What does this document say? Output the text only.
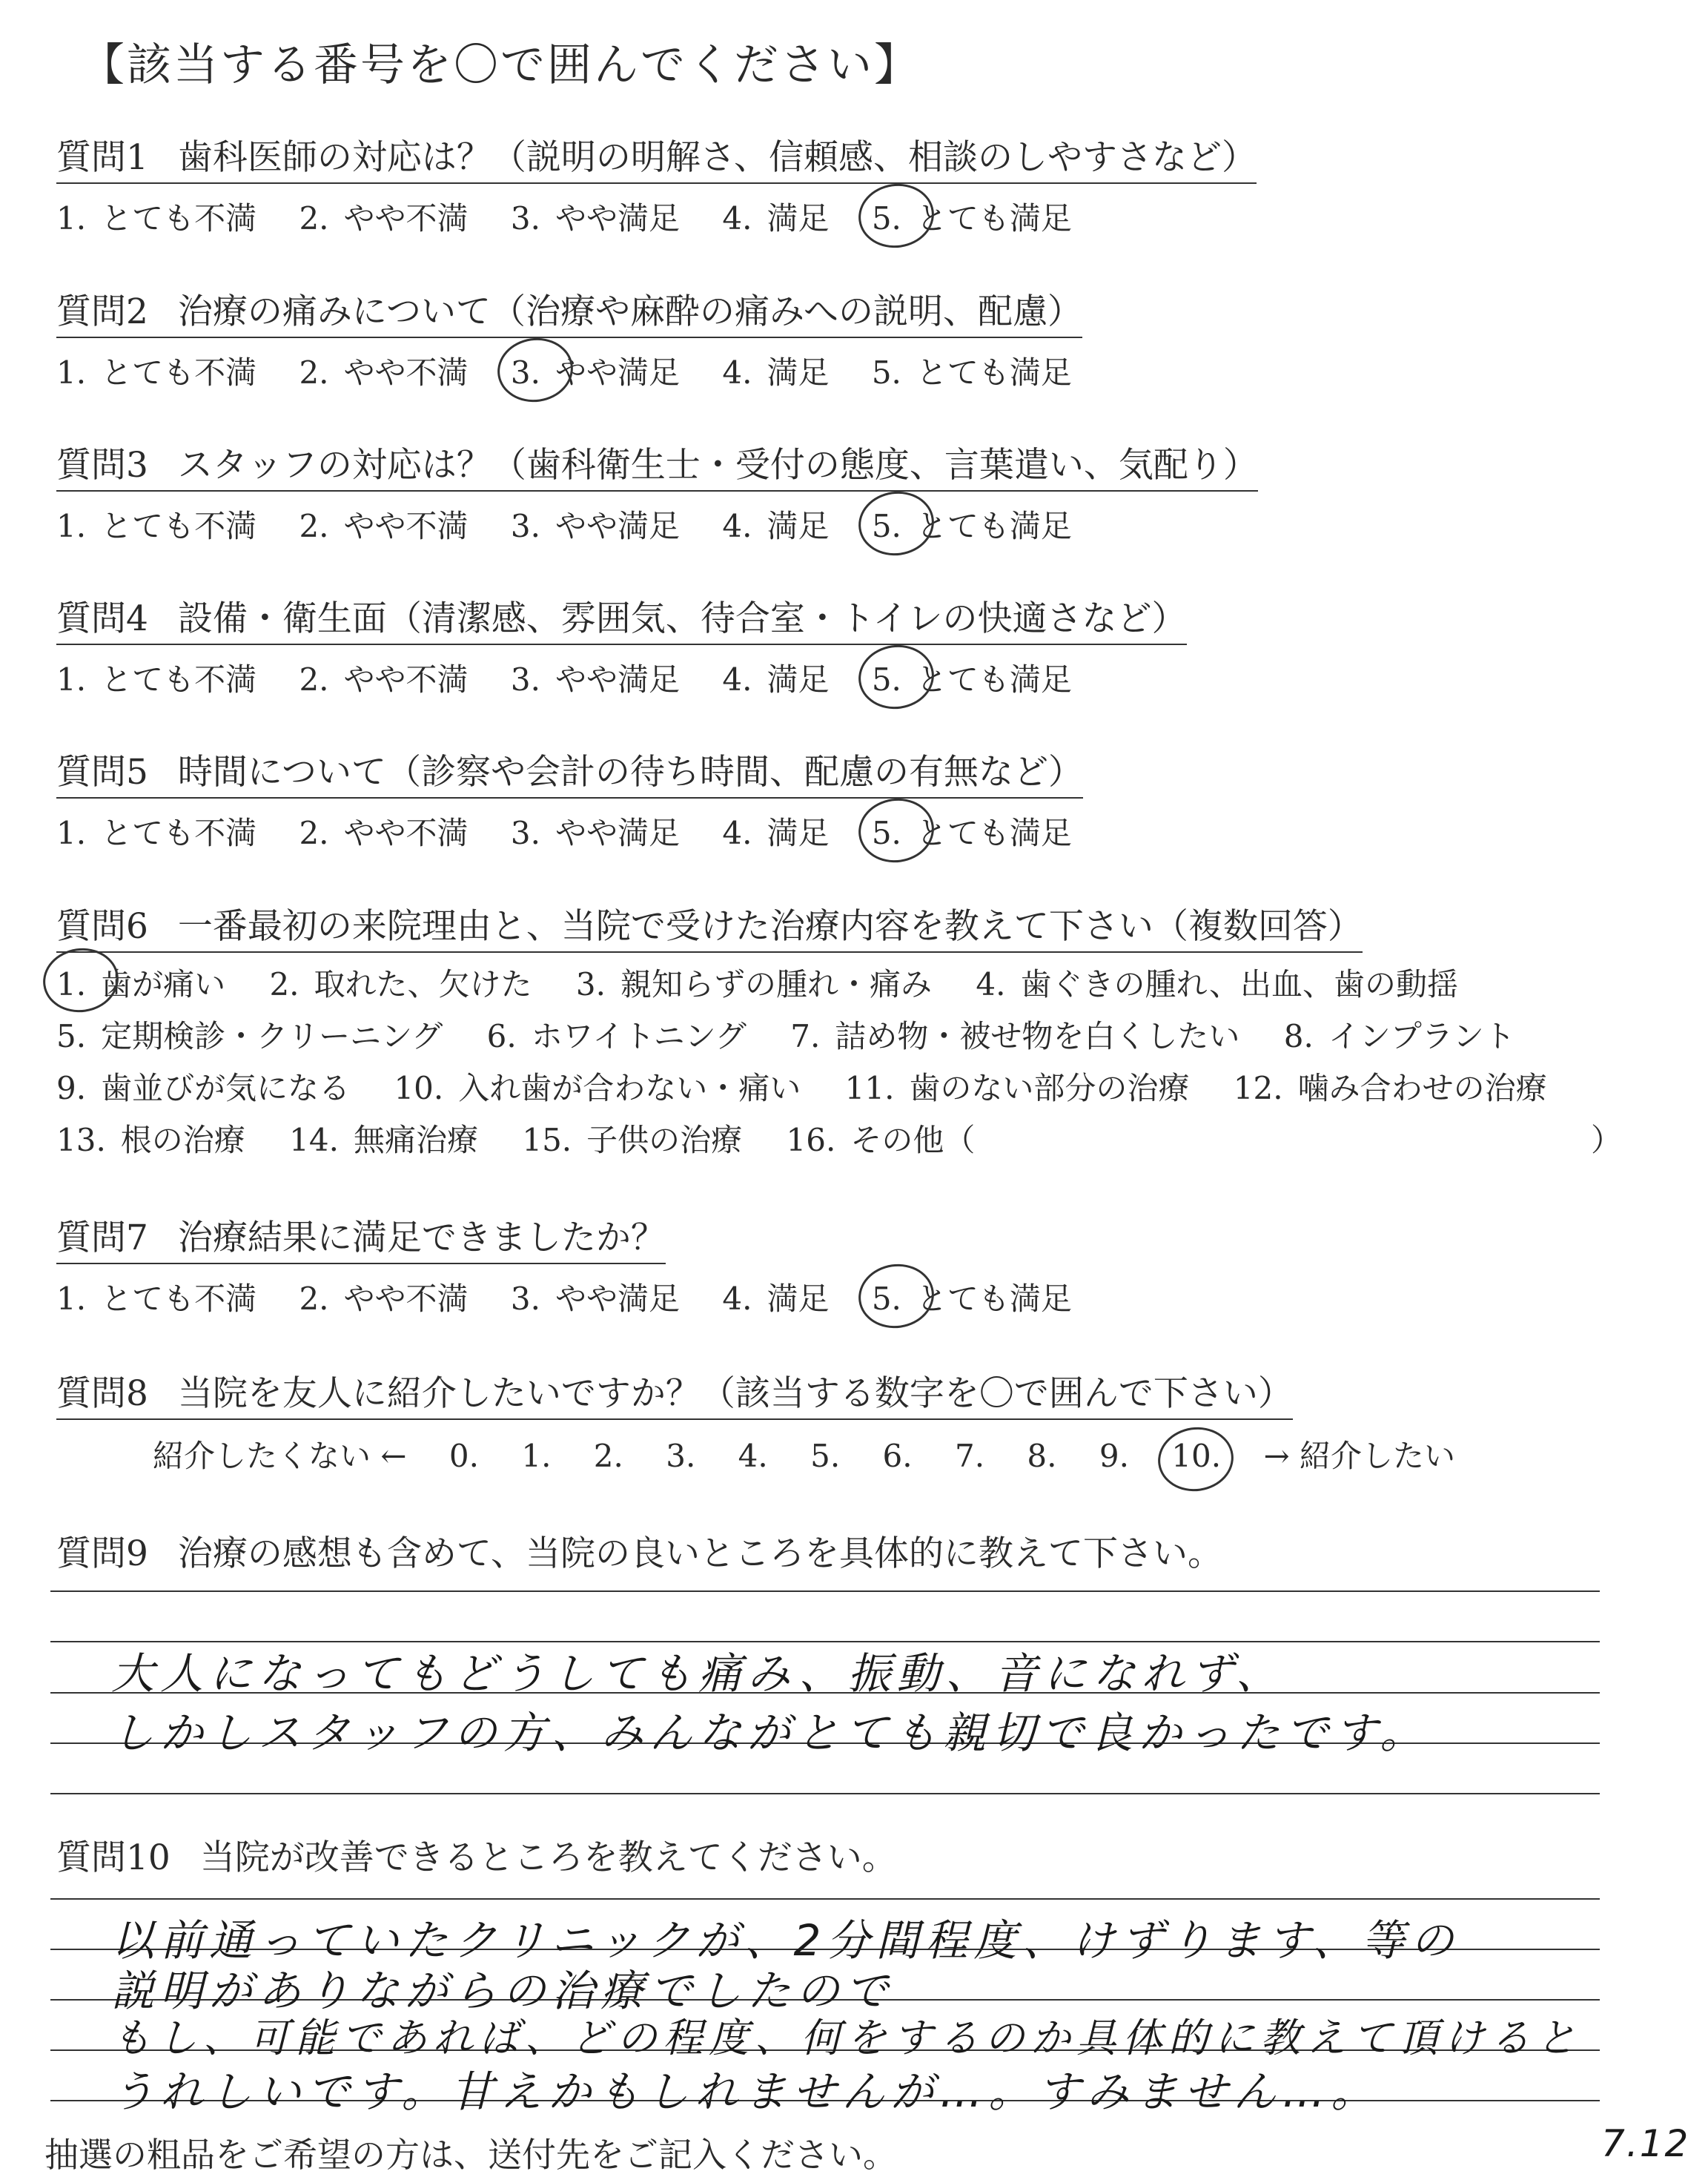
【該当する番号を〇で囲んでください】
質問1 歯科医師の対応は？（説明の明解さ、信頼感、相談のしやすさなど）
1. とても不満 2. やや不満 3. やや満足 4. 満足 5. とても満足
質問2 治療の痛みについて（治療や麻酔の痛みへの説明、配慮）
1. とても不満 2. やや不満 3. やや満足 4. 満足 5. とても満足
質問3 スタッフの対応は？（歯科衛生士・受付の態度、言葉遣い、気配り）
1. とても不満 2. やや不満 3. やや満足 4. 満足 5. とても満足
質問4 設備・衛生面（清潔感、雰囲気、待合室・トイレの快適さなど）
1. とても不満 2. やや不満 3. やや満足 4. 満足 5. とても満足
質問5 時間について（診察や会計の待ち時間、配慮の有無など）
1. とても不満 2. やや不満 3. やや満足 4. 満足 5. とても満足
質問6 一番最初の来院理由と、当院で受けた治療内容を教えて下さい（複数回答）
1. 歯が痛い 2. 取れた、欠けた 3. 親知らずの腫れ・痛み 4. 歯ぐきの腫れ、出血、歯の動揺
5. 定期検診・クリーニング 6. ホワイトニング 7. 詰め物・被せ物を白くしたい 8. インプラント
9. 歯並びが気になる 10. 入れ歯が合わない・痛い 11. 歯のない部分の治療 12. 噛み合わせの治療
13. 根の治療 14. 無痛治療 15. 子供の治療 16. その他（	）
質問7 治療結果に満足できましたか？
1. とても不満 2. やや不満 3. やや満足 4. 満足 5. とても満足
質問8 当院を友人に紹介したいですか？（該当する数字を〇で囲んで下さい）
紹介したくない ← 0. 1. 2. 3. 4. 5. 6. 7. 8. 9. 10. → 紹介したい
質問9 治療の感想も含めて、当院の良いところを具体的に教えて下さい。
大人になってもどうしても痛み、振動、音になれず、
しかしスタッフの方、みんながとても親切で良かったです。
質問10 当院が改善できるところを教えてください。
以前通っていたクリニックが、2分間程度、けずります、等の
説明がありながらの治療でしたので
もし、可能であれば、どの程度、何をするのか具体的に教えて頂けると
うれしいです。甘えかもしれませんが…。すみません…。
抽選の粗品をご希望の方は、送付先をご記入ください。	7.12
